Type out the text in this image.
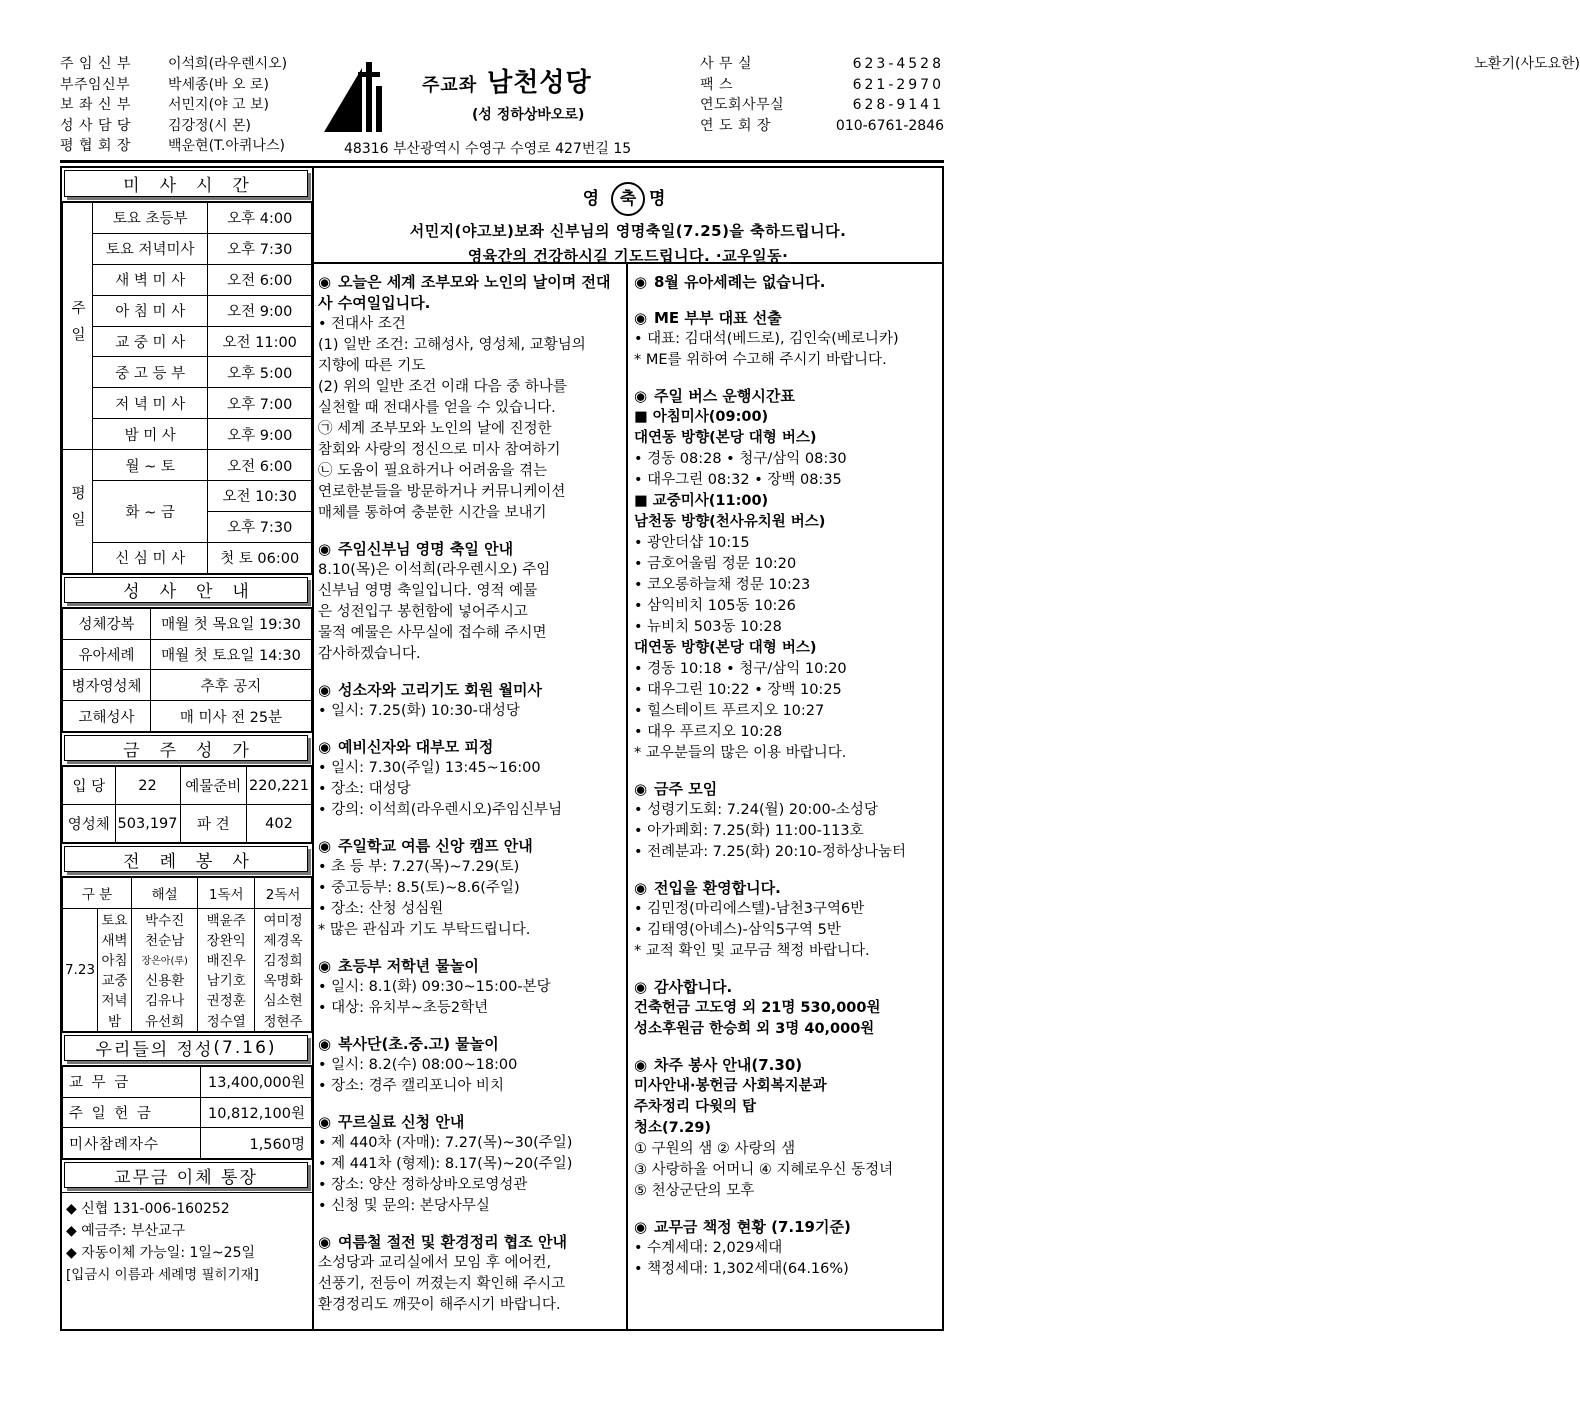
주 임 신 부	이석희(라우렌시오)
부주임신부	박세종(바 오 로)
보 좌 신 부	서민지(야 고 보)
성 사 담 당	김강정(시 몬)
평 협 회 장	백운현(T.아퀴나스)
주교좌 남천성당
(성 정하상바오로)
48316 부산광역시 수영구 수영로 427번길 15
사 무 실	623-4528
팩 스	621-2970
연도회사무실	628-9141
연 도 회 장	010-6761-2846
노환기(사도요한)
미사시간
	토요 초등부	오후 4:00
	토요 저녁미사	오후 7:30
	새 벽 미 사	오전 6:00

주일	아 침 미 사	오전 9:00
	교 중 미 사	오전 11:00
	중 고 등 부	오후 5:00
	저 녁 미 사	오후 7:00
	밤 미 사	오후 9:00

평일	월 ~ 토	오전 6:00
	화 ~ 금	오전 10:30
		오후 7:30
	신 심 미 사	첫 토 06:00
성사안내
성체강복	매월 첫 목요일 19:30
유아세례	매월 첫 토요일 14:30
병자영성체	추후 공지
고해성사	매 미사 전 25분
금주성가
입 당	22	예물준비	220,221
영성체	503,197	파 견	402
전례봉사
구 분		해설	1독서	2독서
7.23	토요	박수진	백윤주	여미정
	새벽	천순남	장완익	제경옥
	아침	장은아(루)	배진우	김정희
	교중	신용환	남기호	옥명화
	저녁	김유나	권정훈	심소현
	밤	유선희	정수열	정현주
우리들의 정성 (7.16)
교 무 금	13,400,000원
주 일 헌 금	10,812,100원
미사참례자수	1,560명
교무금 이체 통장
◆ 신협 131-006-160252
◆ 예금주: 부산교구
◆ 자동이체 가능일: 1일~25일
[입금시 이름과 세례명 필히기재]
영 축 명
서민지(야고보)보좌 신부님의 영명축일(7.25)을 축하드립니다.
영육간의 건강하시길 기도드립니다. ·교우일동·
◉ 오늘은 세계 조부모와 노인의 날이며 전대사 수여일입니다.
• 전대사 조건
(1) 일반 조건: 고해성사, 영성체, 교황님의
지향에 따른 기도
(2) 위의 일반 조건 이래 다음 중 하나를
실천할 때 전대사를 얻을 수 있습니다.
㉠ 세계 조부모와 노인의 날에 진정한
참회와 사랑의 정신으로 미사 참여하기
㉡ 도움이 필요하거나 어려움을 겪는
연로한분들을 방문하거나 커뮤니케이션
매체를 통하여 충분한 시간을 보내기
◉ 주임신부님 영명 축일 안내
8.10(목)은 이석희(라우렌시오) 주임
신부님 영명 축일입니다. 영적 예물
은 성전입구 봉헌함에 넣어주시고
물적 예물은 사무실에 접수해 주시면
감사하겠습니다.
◉ 성소자와 고리기도 회원 월미사
• 일시: 7.25(화) 10:30-대성당
◉ 예비신자와 대부모 피정
• 일시: 7.30(주일) 13:45~16:00
• 장소: 대성당
• 강의: 이석희(라우렌시오)주임신부님
◉ 주일학교 여름 신앙 캠프 안내
• 초 등 부: 7.27(목)~7.29(토)
• 중고등부: 8.5(토)~8.6(주일)
• 장소: 산청 성심원
* 많은 관심과 기도 부탁드립니다.
◉ 초등부 저학년 물놀이
• 일시: 8.1(화) 09:30~15:00-본당
• 대상: 유치부~초등2학년
◉ 복사단(초.중.고) 물놀이
• 일시: 8.2(수) 08:00~18:00
• 장소: 경주 캘리포니아 비치
◉ 꾸르실료 신청 안내
• 제 440차 (자매): 7.27(목)~30(주일)
• 제 441차 (형제): 8.17(목)~20(주일)
• 장소: 양산 정하상바오로영성관
• 신청 및 문의: 본당사무실
◉ 여름철 절전 및 환경정리 협조 안내
소성당과 교리실에서 모임 후 에어컨,
선풍기, 전등이 꺼졌는지 확인해 주시고
환경정리도 깨끗이 해주시기 바랍니다.
◉ 8월 유아세례는 없습니다.
◉ ME 부부 대표 선출
• 대표: 김대석(베드로), 김인숙(베로니카)
* ME를 위하여 수고해 주시기 바랍니다.
◉ 주일 버스 운행시간표
■ 아침미사(09:00)
대연동 방향(본당 대형 버스)
• 경동 08:28 • 청구/삼익 08:30
• 대우그린 08:32 • 장백 08:35
■ 교중미사(11:00)
남천동 방향(천사유치원 버스)
• 광안더샵 10:15
• 금호어울림 정문 10:20
• 코오롱하늘채 정문 10:23
• 삼익비치 105동 10:26
• 뉴비치 503동 10:28
대연동 방향(본당 대형 버스)
• 경동 10:18 • 청구/삼익 10:20
• 대우그린 10:22 • 장백 10:25
• 힐스테이트 푸르지오 10:27
• 대우 푸르지오 10:28
* 교우분들의 많은 이용 바랍니다.
◉ 금주 모임
• 성령기도회: 7.24(월) 20:00-소성당
• 아가페회: 7.25(화) 11:00-113호
• 전례분과: 7.25(화) 20:10-정하상나눔터
◉ 전입을 환영합니다.
• 김민정(마리에스텔)-남천3구역6반
• 김태영(아녜스)-삼익5구역 5반
* 교적 확인 및 교무금 책정 바랍니다.
◉ 감사합니다.
건축헌금 고도영 외 21명 530,000원
성소후원금 한승희 외 3명 40,000원
◉ 차주 봉사 안내(7.30)
미사안내·봉헌금 사회복지분과
주차정리 다윗의 탑
청소(7.29)
① 구원의 샘 ② 사랑의 샘
③ 사랑하올 어머니 ④ 지혜로우신 동정녀
⑤ 천상군단의 모후
◉ 교무금 책정 현황 (7.19기준)
• 수계세대: 2,029세대
• 책정세대: 1,302세대(64.16%)
